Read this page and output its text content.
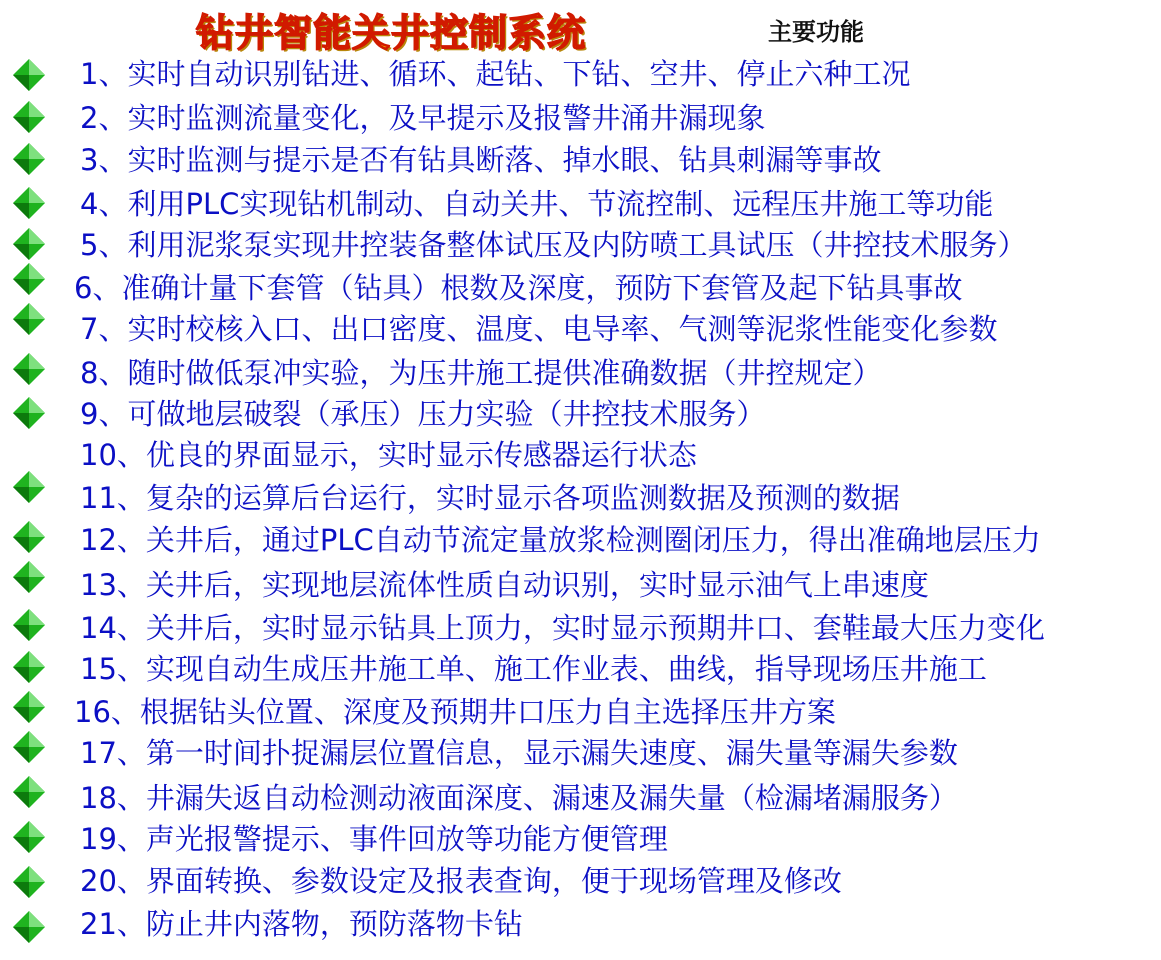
钻井智能关井控制系统	主要功能
1、实时自动识别钻进、循环、起钻、下钻、空井、停止六种工况
2、实时监测流量变化，及早提示及报警井涌井漏现象
3、实时监测与提示是否有钻具断落、掉水眼、钻具刺漏等事故
4、利用PLC实现钻机制动、自动关井、节流控制、远程压井施工等功能
5、利用泥浆泵实现井控装备整体试压及内防喷工具试压（井控技术服务）
6、准确计量下套管（钻具）根数及深度，预防下套管及起下钻具事故
7、实时校核入口、出口密度、温度、电导率、气测等泥浆性能变化参数
8、随时做低泵冲实验，为压井施工提供准确数据（井控规定）
9、可做地层破裂（承压）压力实验（井控技术服务）
10、优良的界面显示，实时显示传感器运行状态
11、复杂的运算后台运行，实时显示各项监测数据及预测的数据
12、关井后，通过PLC自动节流定量放浆检测圈闭压力，得出准确地层压力
13、关井后，实现地层流体性质自动识别，实时显示油气上串速度
14、关井后，实时显示钻具上顶力，实时显示预期井口、套鞋最大压力变化
15、实现自动生成压井施工单、施工作业表、曲线，指导现场压井施工
16、根据钻头位置、深度及预期井口压力自主选择压井方案
17、第一时间扑捉漏层位置信息，显示漏失速度、漏失量等漏失参数
18、井漏失返自动检测动液面深度、漏速及漏失量（检漏堵漏服务）
19、声光报警提示、事件回放等功能方便管理
20、界面转换、参数设定及报表查询，便于现场管理及修改
21、防止井内落物，预防落物卡钻
